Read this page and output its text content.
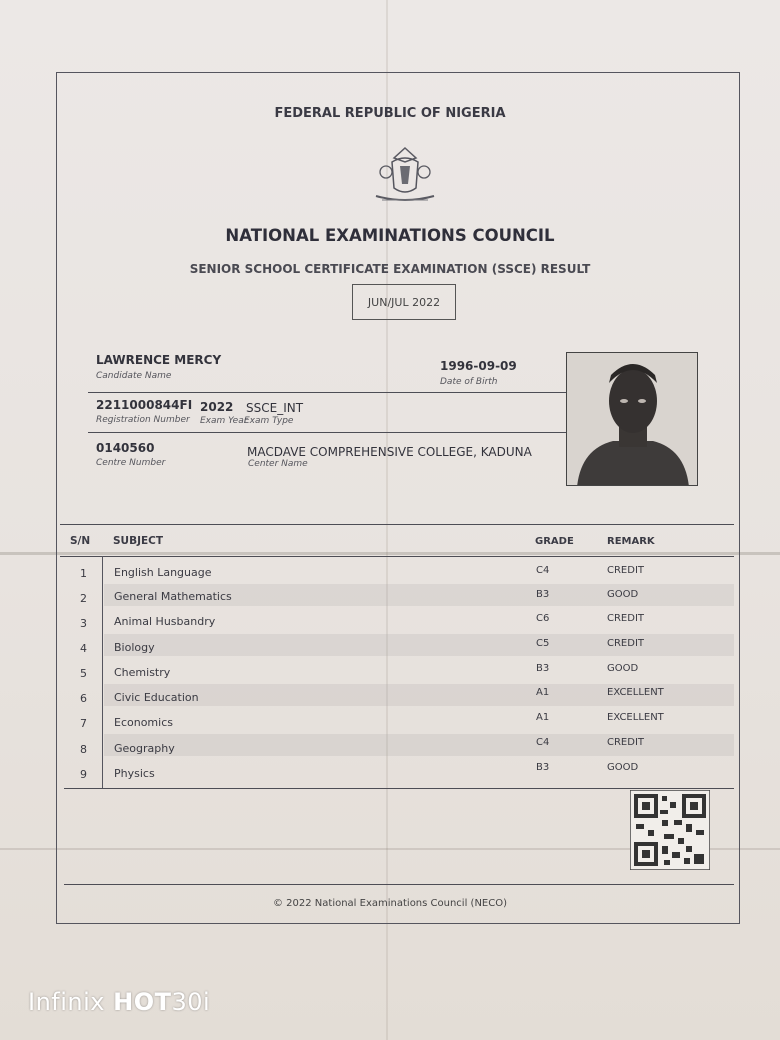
FEDERAL REPUBLIC OF NIGERIA
NATIONAL EXAMINATIONS COUNCIL
SENIOR SCHOOL CERTIFICATE EXAMINATION (SSCE) RESULT
JUN/JUL 2022
LAWRENCE MERCY
Candidate Name
1996-09-09
Date of Birth
2211000844FI
Registration Number
2022
Exam Year
SSCE_INT
Exam Type
0140560
Centre Number
MACDAVE COMPREHENSIVE COLLEGE, KADUNA
Center Name
S/N SUBJECT	GRADE	REMARK
1 English Language	C4	CREDIT
2 General Mathematics	B3	GOOD
3 Animal Husbandry	C6	CREDIT
4 Biology	C5	CREDIT
5 Chemistry	B3	GOOD
6 Civic Education	A1	EXCELLENT
7 Economics	A1	EXCELLENT
8 Geography	C4	CREDIT
9 Physics	B3	GOOD
© 2022 National Examinations Council (NECO)
Infinix HOT30i
